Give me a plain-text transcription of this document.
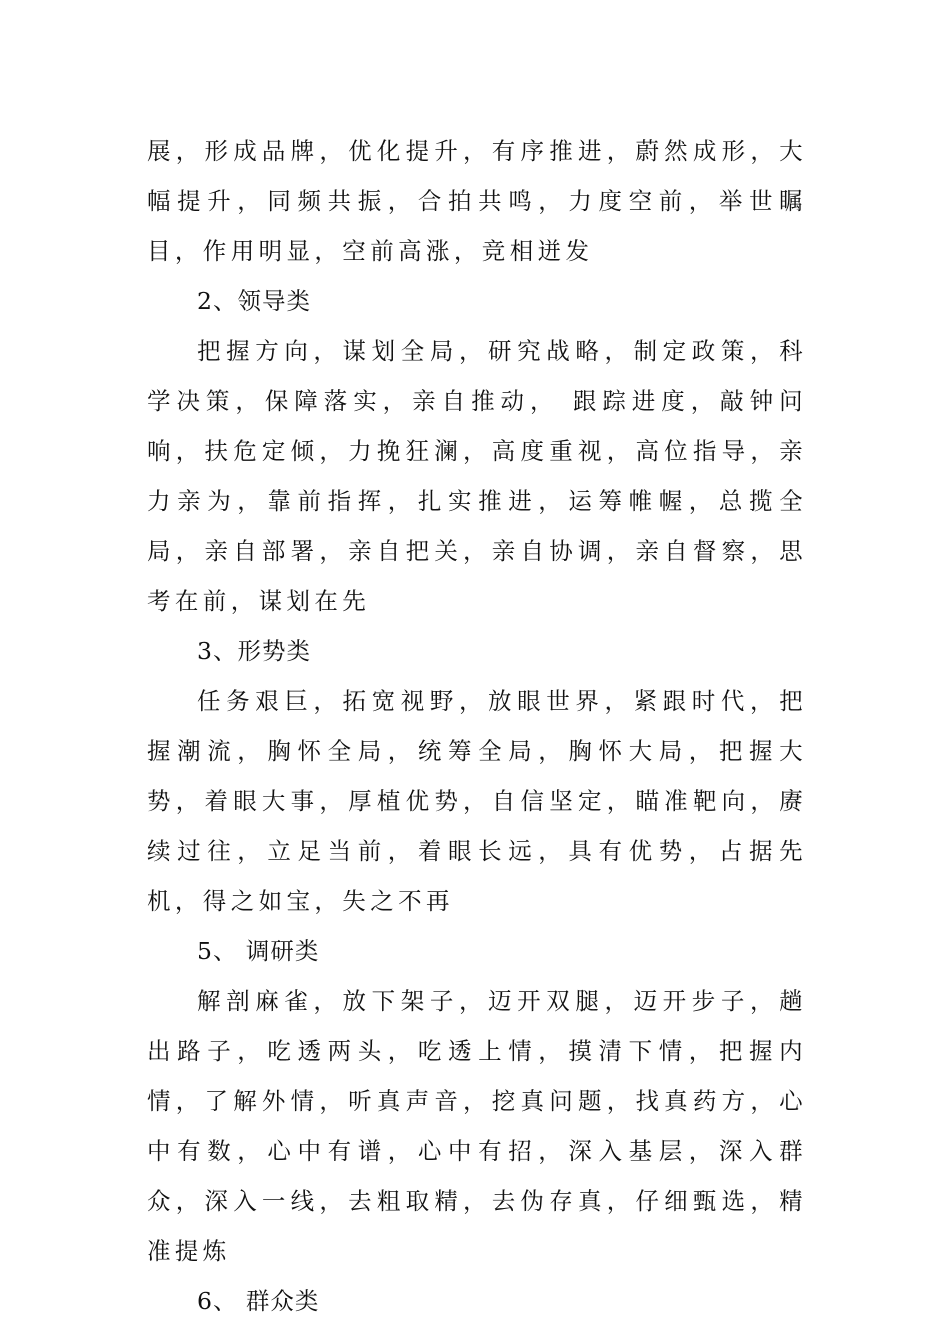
展，形成品牌，优化提升，有序推进，蔚然成形，大幅提升，同频共振，合拍共鸣，力度空前，举世瞩目，作用明显，空前高涨，竞相迸发

2、领导类

把握方向，谋划全局，研究战略，制定政策，科学决策，保障落实，亲自推动， 跟踪进度，敲钟问响，扶危定倾，力挽狂澜，高度重视，高位指导，亲力亲为，靠前指挥，扎实推进，运筹帷幄，总揽全局，亲自部署，亲自把关，亲自协调，亲自督察，思考在前，谋划在先

3、形势类

任务艰巨，拓宽视野，放眼世界，紧跟时代，把握潮流，胸怀全局，统筹全局，胸怀大局，把握大势，着眼大事，厚植优势，自信坚定，瞄准靶向，赓续过往，立足当前，着眼长远，具有优势，占据先机，得之如宝，失之不再

5、 调研类

解剖麻雀，放下架子，迈开双腿，迈开步子，趟出路子，吃透两头，吃透上情，摸清下情，把握内情，了解外情，听真声音，挖真问题，找真药方，心中有数，心中有谱，心中有招，深入基层，深入群众，深入一线，去粗取精，去伪存真，仔细甄选，精准提炼

6、 群众类
